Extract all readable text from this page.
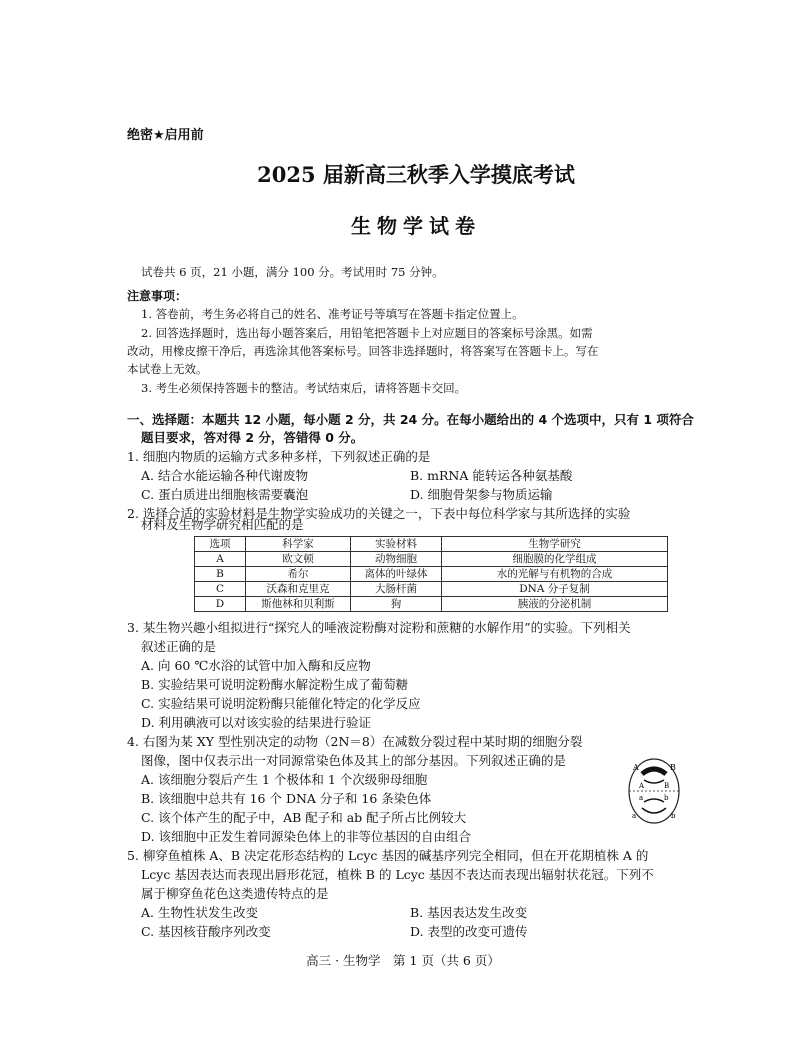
绝密★启用前
2025 届新高三秋季入学摸底考试
生物学试卷
试卷共 6 页，21 小题，满分 100 分。考试用时 75 分钟。
注意事项：
1. 答卷前，考生务必将自己的姓名、准考证号等填写在答题卡指定位置上。
2. 回答选择题时，选出每小题答案后，用铅笔把答题卡上对应题目的答案标号涂黑。如需
改动，用橡皮擦干净后，再选涂其他答案标号。回答非选择题时，将答案写在答题卡上。写在
本试卷上无效。
3. 考生必须保持答题卡的整洁。考试结束后，请将答题卡交回。
一、选择题：本题共 12 小题，每小题 2 分，共 24 分。在每小题给出的 4 个选项中，只有 1 项符合
题目要求，答对得 2 分，答错得 0 分。
1. 细胞内物质的运输方式多种多样，下列叙述正确的是
A. 结合水能运输各种代谢废物	B. mRNA 能转运各种氨基酸
C. 蛋白质进出细胞核需要囊泡	D. 细胞骨架参与物质运输
2. 选择合适的实验材料是生物学实验成功的关键之一，下表中每位科学家与其所选择的实验
材料及生物学研究相匹配的是
选项	科学家	实验材料	生物学研究
A	欧文顿	动物细胞	细胞膜的化学组成
B	希尔	离体的叶绿体	水的光解与有机物的合成
C	沃森和克里克	大肠杆菌	DNA 分子复制
D	斯他林和贝利斯	狗	胰液的分泌机制
3. 某生物兴趣小组拟进行“探究人的唾液淀粉酶对淀粉和蔗糖的水解作用”的实验。下列相关
叙述正确的是
A. 向 60 ℃水浴的试管中加入酶和反应物
B. 实验结果可说明淀粉酶水解淀粉生成了葡萄糖
C. 实验结果可说明淀粉酶只能催化特定的化学反应
D. 利用碘液可以对该实验的结果进行验证
4. 右图为某 XY 型性别决定的动物（2N＝8）在减数分裂过程中某时期的细胞分裂
图像，图中仅表示出一对同源常染色体及其上的部分基因。下列叙述正确的是
A. 该细胞分裂后产生 1 个极体和 1 个次级卵母细胞
B. 该细胞中总共有 16 个 DNA 分子和 16 条染色体
C. 该个体产生的配子中，AB 配子和 ab 配子所占比例较大
D. 该细胞中正发生着同源染色体上的非等位基因的自由组合
A	B
A	B
a	b
a	b
5. 柳穿鱼植株 A、B 决定花形态结构的 Lcyc 基因的碱基序列完全相同，但在开花期植株 A 的
Lcyc 基因表达而表现出唇形花冠，植株 B 的 Lcyc 基因不表达而表现出辐射状花冠。下列不
属于柳穿鱼花色这类遗传特点的是
A. 生物性状发生改变	B. 基因表达发生改变
C. 基因核苷酸序列改变	D. 表型的改变可遗传
高三 · 生物学　第 1 页（共 6 页）
